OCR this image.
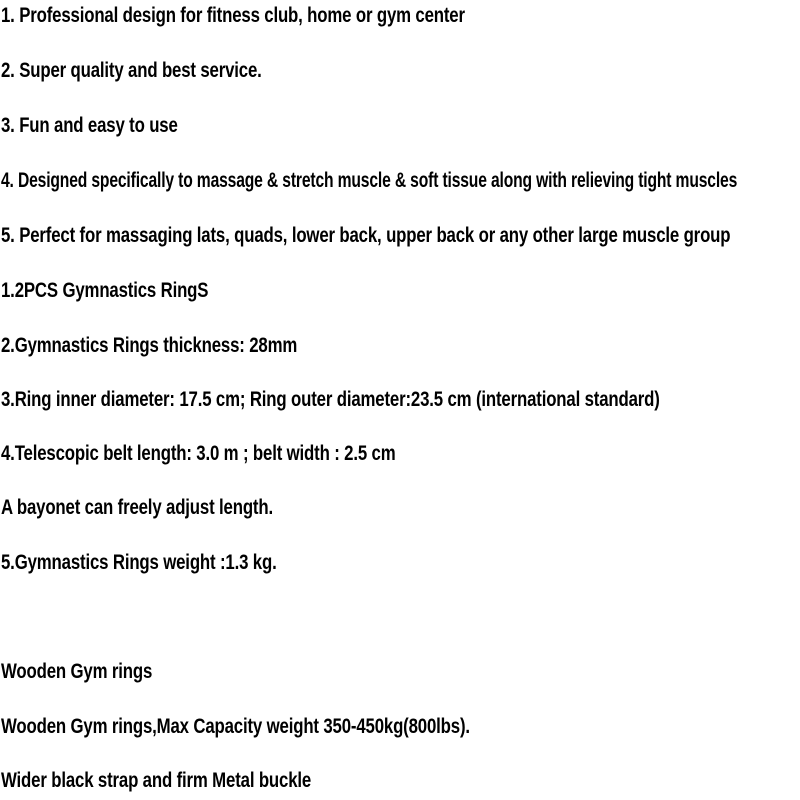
1. Professional design for fitness club, home or gym center
2. Super quality and best service.
3. Fun and easy to use
4. Designed specifically to massage & stretch muscle & soft tissue along with relieving tight muscles
5. Perfect for massaging lats, quads, lower back, upper back or any other large muscle group
1.2PCS Gymnastics RingS
2.Gymnastics Rings thickness: 28mm
3.Ring inner diameter: 17.5 cm; Ring outer diameter:23.5 cm (international standard)
4.Telescopic belt length: 3.0 m ; belt width : 2.5 cm
A bayonet can freely adjust length.
5.Gymnastics Rings weight :1.3 kg.
Wooden Gym rings
Wooden Gym rings,Max Capacity weight 350-450kg(800lbs).
Wider black strap and firm Metal buckle
